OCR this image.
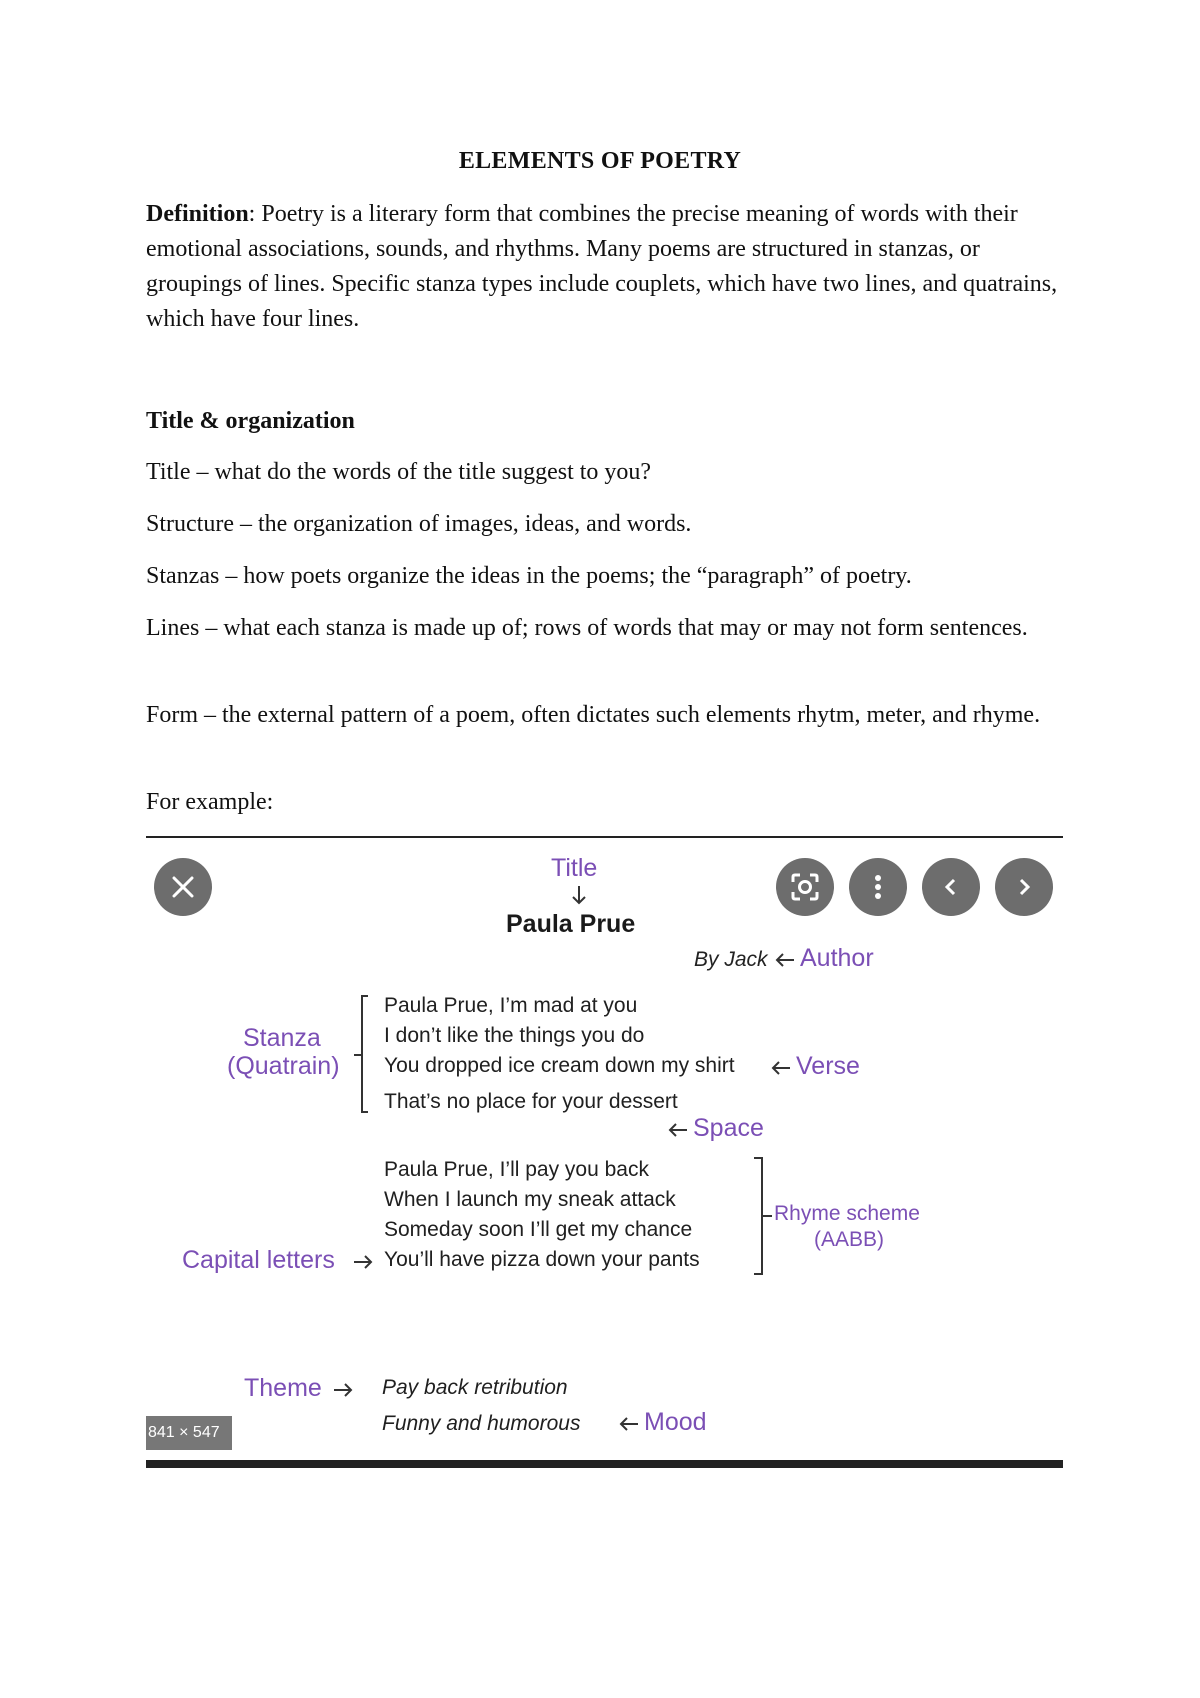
ELEMENTS OF POETRY
Definition: Poetry is a literary form that combines the precise meaning of words with their emotional associations, sounds, and rhythms. Many poems are structured in stanzas, or groupings of lines. Specific stanza types include couplets, which have two lines, and quatrains, which have four lines.
Title & organization
Title – what do the words of the title suggest to you?
Structure – the organization of images, ideas, and words.
Stanzas – how poets organize the ideas in the poems; the “paragraph” of poetry.
Lines – what each stanza is made up of; rows of words that may or may not form sentences.
Form – the external pattern of a poem, often dictates such elements rhytm, meter, and rhyme.
For example:
Title
Paula Prue
By Jack Author
Stanza
(Quatrain)
Paula Prue, I’m mad at you
I don’t like the things you do
You dropped ice cream down my shirt
That’s no place for your dessert
Verse
Space
Paula Prue, I’ll pay you back
When I launch my sneak attack
Someday soon I’ll get my chance
You’ll have pizza down your pants
Rhyme scheme
(AABB)
Capital letters
Theme	Pay back retribution
Funny and humorous	Mood
841 × 547
